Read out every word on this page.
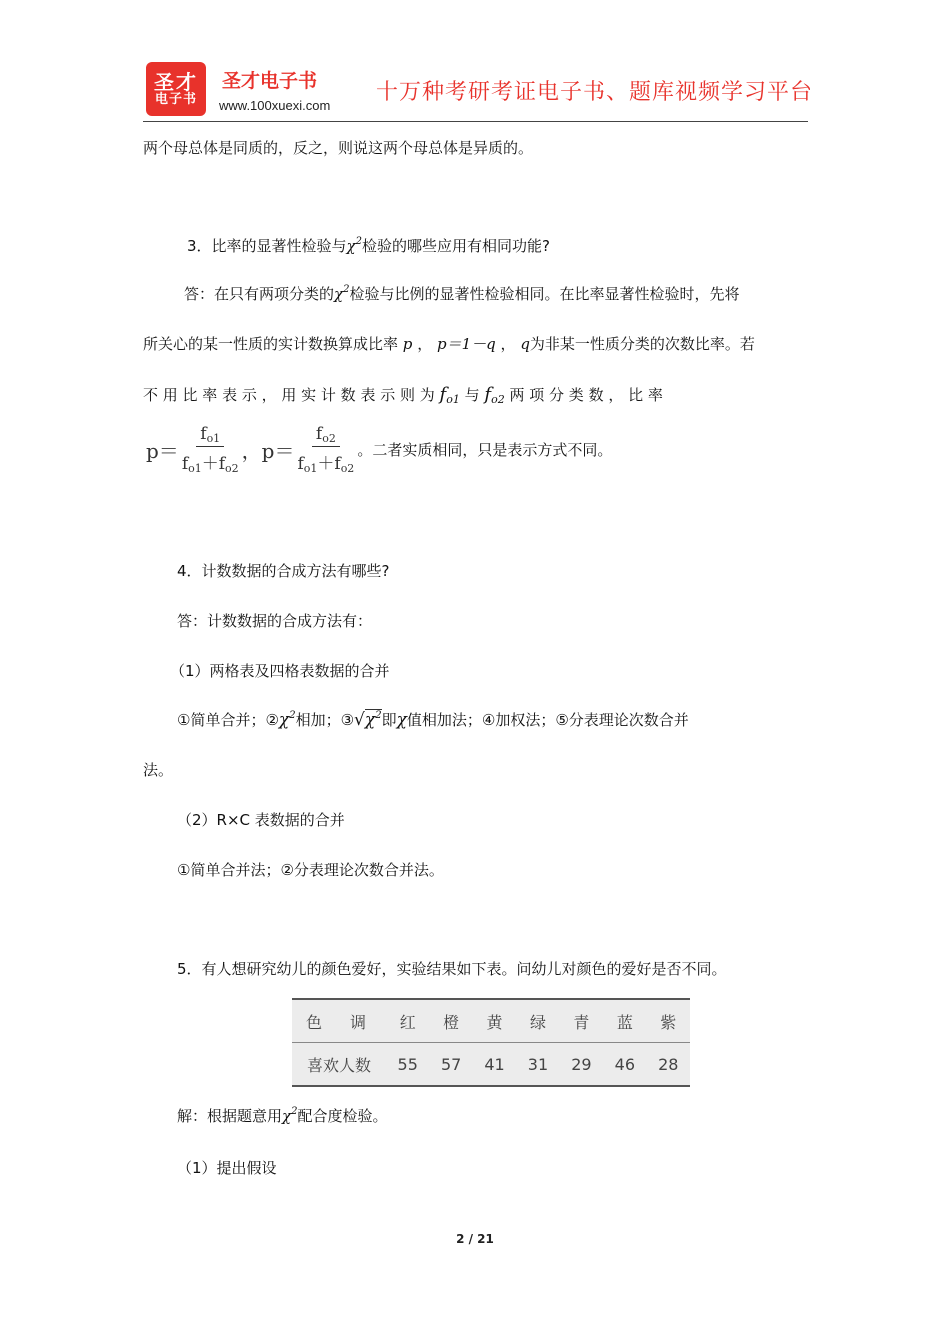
圣才
电子书
圣才电子书
www.100xuexi.com
十万种考研考证电子书、题库视频学习平台
两个母总体是同质的，反之，则说这两个母总体是异质的。
3．比率的显著性检验与$\chi^2$检验的哪些应用有相同功能?
答：在只有两项分类的$\chi^2$检验与比例的显著性检验相同。在比率显著性检验时，先将
所关心的某一性质的实计数换算成比率 p ， p＝1－q ， q为非某一性质分类的次数比率。若
不 用 比 率 表 示 ， 用 实 计 数 表 示 则 为 fo1 与 fo2 两 项 分 类 数 ， 比 率
$p= \frac{fo1}{fo1+fo2}$ ， $p= \frac{fo2}{fo1+fo2}$ 。二者实质相同，只是表示方式不同。
4．计数数据的合成方法有哪些?
答：计数数据的合成方法有：
（1）两格表及四格表数据的合并
①简单合并；$②\chi^2$相加；$③√\chi^2$即χ值相加法；④加权法；⑤分表理论次数合并
法。
（2）R×C 表数据的合并
①简单合并法；②分表理论次数合并法。
5．有人想研究幼儿的颜色爱好，实验结果如下表。问幼儿对颜色的爱好是否不同。
色　调	红	橙	黄	绿	青	蓝	紫
喜欢人数	55	57	41	31	29	46	28
解：根据题意用$\chi^2$配合度检验。
（1）提出假设
2 / 21
